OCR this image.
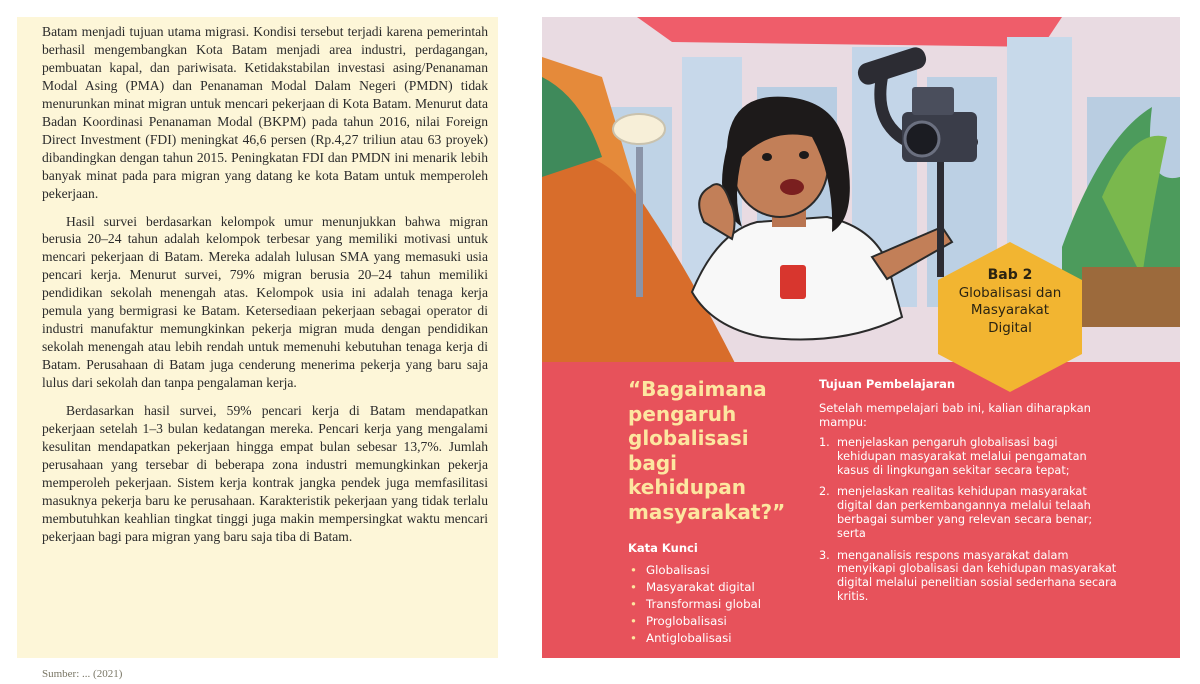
Batam menjadi tujuan utama migrasi. Kondisi tersebut terjadi karena pemerintah berhasil mengembangkan Kota Batam menjadi area industri, perdagangan, pembuatan kapal, dan pariwisata. Ketidakstabilan investasi asing/Penanaman Modal Asing (PMA) dan Penanaman Modal Dalam Negeri (PMDN) tidak menurunkan minat migran untuk mencari pekerjaan di Kota Batam. Menurut data Badan Koordinasi Penanaman Modal (BKPM) pada tahun 2016, nilai Foreign Direct Investment (FDI) meningkat 46,6 persen (Rp.4,27 triliun atau 63 proyek) dibandingkan dengan tahun 2015. Peningkatan FDI dan PMDN ini menarik lebih banyak minat pada para migran yang datang ke kota Batam untuk memperoleh pekerjaan.

Hasil survei berdasarkan kelompok umur menunjukkan bahwa migran berusia 20–24 tahun adalah kelompok terbesar yang memiliki motivasi untuk mencari pekerjaan di Batam. Mereka adalah lulusan SMA yang memasuki usia pencari kerja. Menurut survei, 79% migran berusia 20–24 tahun memiliki pendidikan sekolah menengah atas. Kelompok usia ini adalah tenaga kerja pemula yang bermigrasi ke Batam. Ketersediaan pekerjaan sebagai operator di industri manufaktur memungkinkan pekerja migran muda dengan pendidikan sekolah menengah atau lebih rendah untuk memenuhi kebutuhan tenaga kerja di Batam. Perusahaan di Batam juga cenderung menerima pekerja yang baru saja lulus dari sekolah dan tanpa pengalaman kerja.

Berdasarkan hasil survei, 59% pencari kerja di Batam mendapatkan pekerjaan setelah 1–3 bulan kedatangan mereka. Pencari kerja yang mengalami kesulitan mendapatkan pekerjaan hingga empat bulan sebesar 13,7%. Jumlah perusahaan yang tersebar di beberapa zona industri memungkinkan pekerja memperoleh pekerjaan. Sistem kerja kontrak jangka pendek juga memfasilitasi masuknya pekerja baru ke perusahaan. Karakteristik pekerjaan yang tidak terlalu membutuhkan keahlian tingkat tinggi juga makin mempersingkat waktu mencari pekerjaan bagi para migran yang baru saja tiba di Batam.

Sumber: ... (2021)
Bab 2
Globalisasi dan
Masyarakat
Digital
“Bagaimana pengaruh globalisasi bagi kehidupan masyarakat?”
Kata Kunci
• Globalisasi
• Masyarakat digital
• Transformasi global
• Proglobalisasi
• Antiglobalisasi
Tujuan Pembelajaran
Setelah mempelajari bab ini, kalian diharapkan mampu:
1. menjelaskan pengaruh globalisasi bagi kehidupan masyarakat melalui pengamatan kasus di lingkungan sekitar secara tepat;
2. menjelaskan realitas kehidupan masyarakat digital dan perkembangannya melalui telaah berbagai sumber yang relevan secara benar; serta
3. menganalisis respons masyarakat dalam menyikapi globalisasi dan kehidupan masyarakat digital melalui penelitian sosial sederhana secara kritis.
